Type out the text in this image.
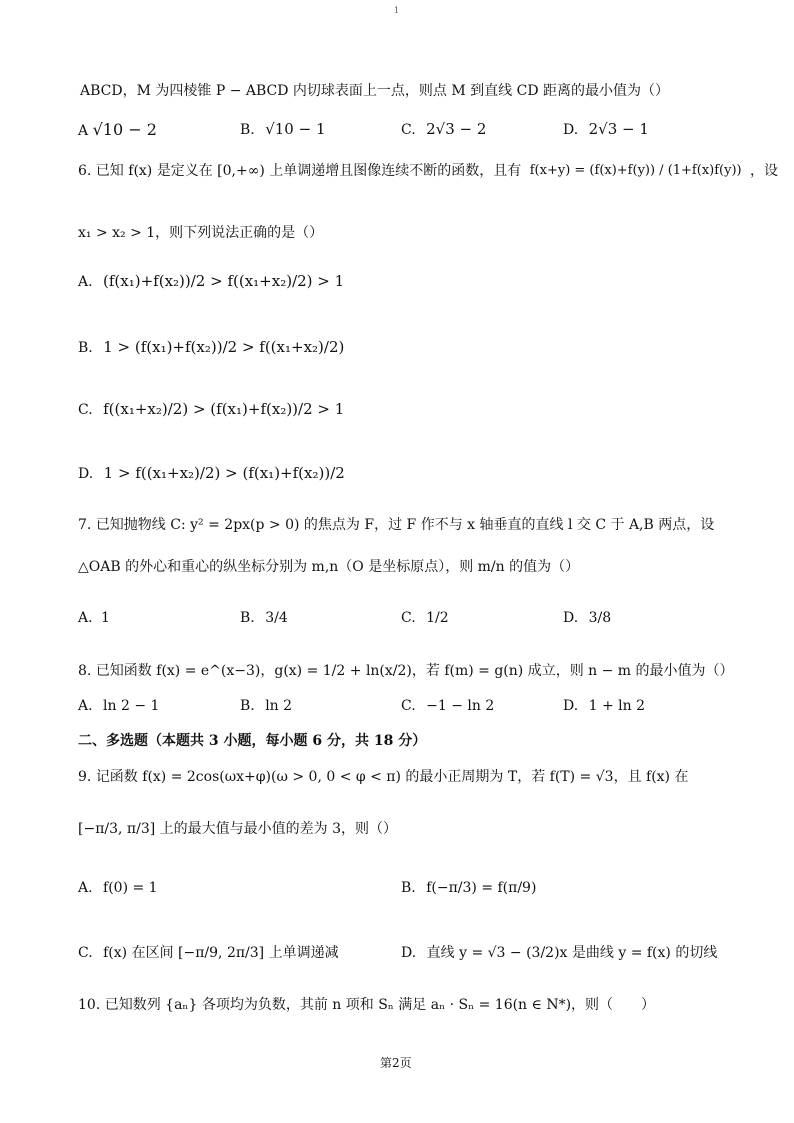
1
ABCD，M 为四棱锥 P − ABCD 内切球表面上一点，则点 M 到直线 CD 距离的最小值为（）
A √10 − 2	B. √10 − 1	C. 2√3 − 2	D. 2√3 − 1
6. 已知 f(x) 是定义在 [0,+∞) 上单调递增且图像连续不断的函数，且有 f(x+y) = (f(x)+f(y)) / (1+f(x)f(y)) ，设
x₁ > x₂ > 1，则下列说法正确的是（）
A. (f(x₁)+f(x₂))/2 > f((x₁+x₂)/2) > 1
B. 1 > (f(x₁)+f(x₂))/2 > f((x₁+x₂)/2)
C. f((x₁+x₂)/2) > (f(x₁)+f(x₂))/2 > 1
D. 1 > f((x₁+x₂)/2) > (f(x₁)+f(x₂))/2
7. 已知抛物线 C: y² = 2px(p > 0) 的焦点为 F，过 F 作不与 x 轴垂直的直线 l 交 C 于 A,B 两点，设
△OAB 的外心和重心的纵坐标分别为 m,n（O 是坐标原点），则 m/n 的值为（）
A. 1	B. 3/4	C. 1/2	D. 3/8
8. 已知函数 f(x) = e^(x−3)，g(x) = 1/2 + ln(x/2)，若 f(m) = g(n) 成立，则 n − m 的最小值为（）
A. ln 2 − 1	B. ln 2	C. −1 − ln 2	D. 1 + ln 2
二、多选题（本题共 3 小题，每小题 6 分，共 18 分）
9. 记函数 f(x) = 2cos(ωx+φ)(ω > 0, 0 < φ < π) 的最小正周期为 T，若 f(T) = √3，且 f(x) 在
[−π/3, π/3] 上的最大值与最小值的差为 3，则（）
A. f(0) = 1	B. f(−π/3) = f(π/9)
C. f(x) 在区间 [−π/9, 2π/3] 上单调递减	D. 直线 y = √3 − (3/2)x 是曲线 y = f(x) 的切线
10. 已知数列 {aₙ} 各项均为负数，其前 n 项和 Sₙ 满足 aₙ · Sₙ = 16(n ∈ N*)，则（　　）
第2页
